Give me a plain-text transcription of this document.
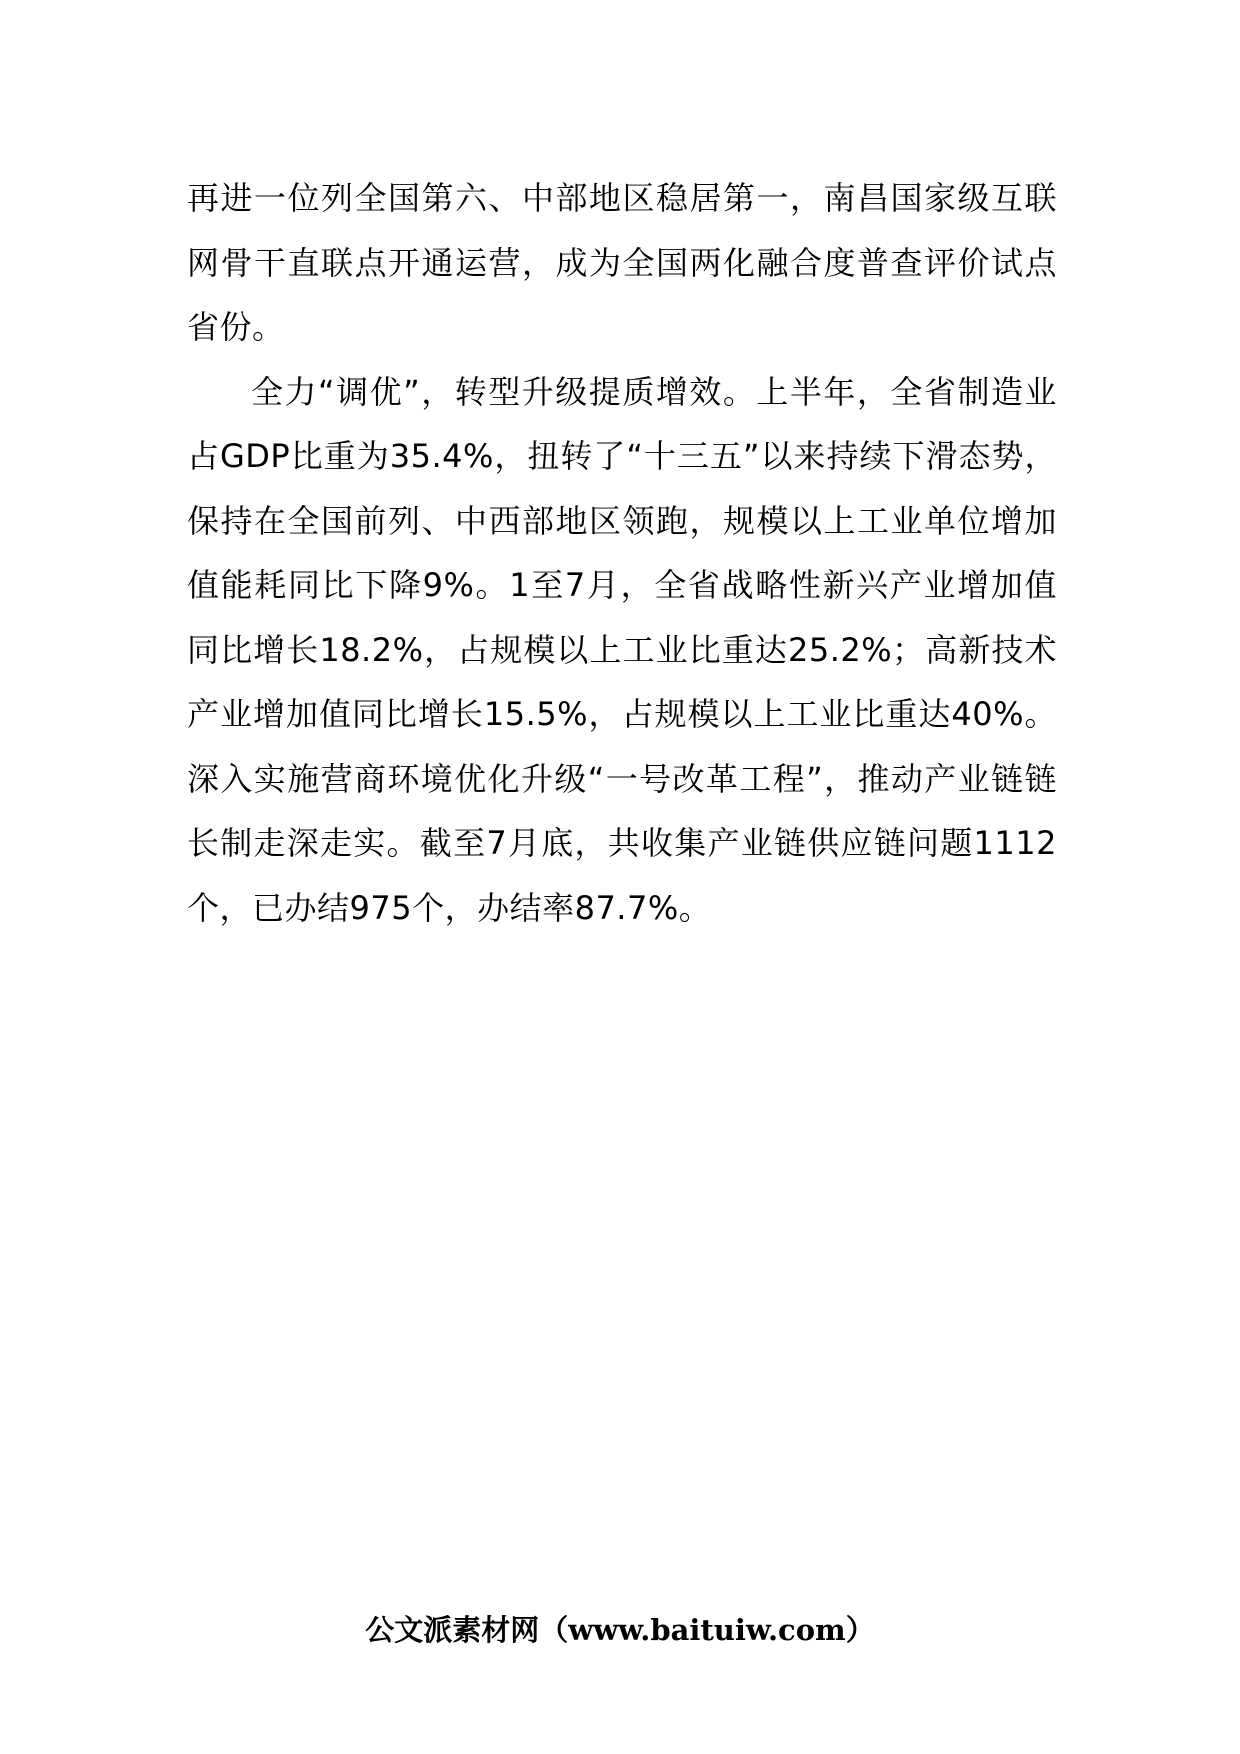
再进一位列全国第六、中部地区稳居第一，南昌国家级互联网骨干直联点开通运营，成为全国两化融合度普查评价试点省份。

全力“调优”，转型升级提质增效。上半年，全省制造业占GDP比重为35.4%，扭转了“十三五”以来持续下滑态势，保持在全国前列、中西部地区领跑，规模以上工业单位增加值能耗同比下降9%。1至7月，全省战略性新兴产业增加值同比增长18.2%，占规模以上工业比重达25.2%；高新技术产业增加值同比增长15.5%，占规模以上工业比重达40%。深入实施营商环境优化升级“一号改革工程”，推动产业链链长制走深走实。截至7月底，共收集产业链供应链问题1112个，已办结975个，办结率87.7%。

公文派素材网（www.baituiw.com）
